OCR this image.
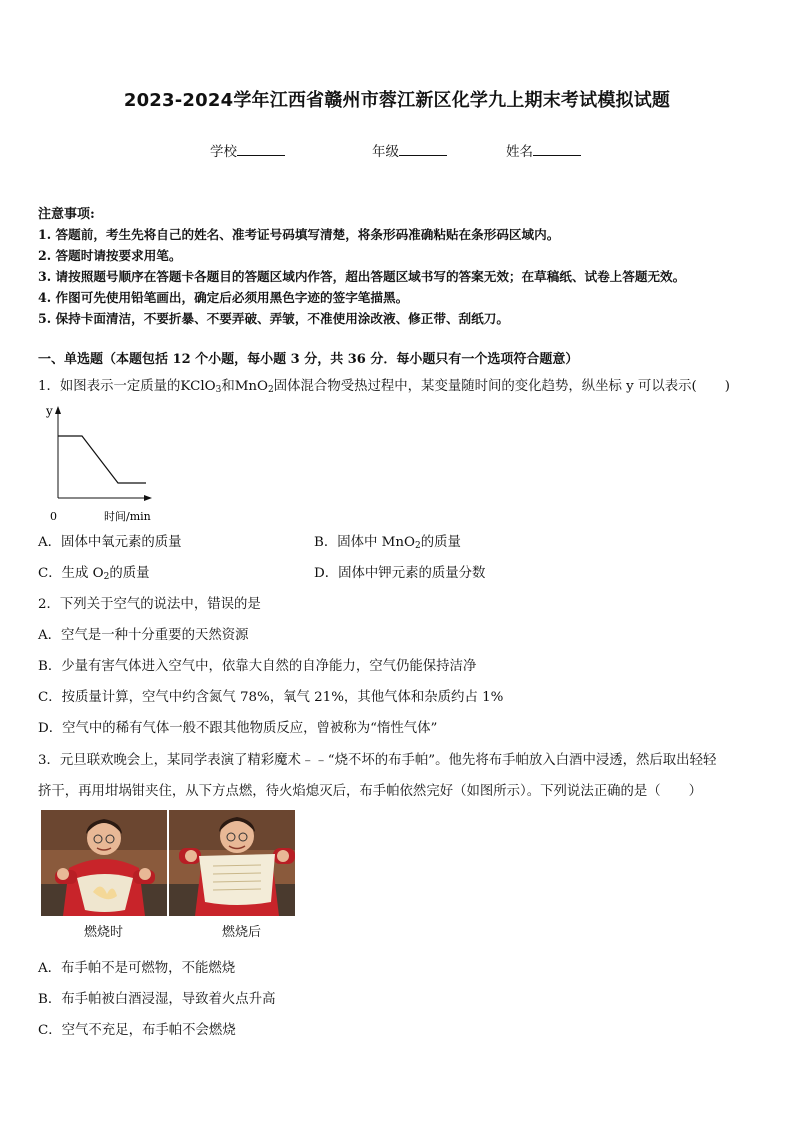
2023-2024学年江西省赣州市蓉江新区化学九上期末考试模拟试题
学校	年级	姓名
注意事项:
1. 答题前，考生先将自己的姓名、准考证号码填写清楚，将条形码准确粘贴在条形码区域内。
2. 答题时请按要求用笔。
3. 请按照题号顺序在答题卡各题目的答题区域内作答，超出答题区域书写的答案无效；在草稿纸、试卷上答题无效。
4. 作图可先使用铅笔画出，确定后必须用黑色字迹的签字笔描黑。
5. 保持卡面清洁，不要折暴、不要弄破、弄皱，不准使用涂改液、修正带、刮纸刀。
一、单选题（本题包括 12 个小题，每小题 3 分，共 36 分．每小题只有一个选项符合题意）
1．如图表示一定质量的KClO$_3$和MnO$_2$固体混合物受热过程中，某变量随时间的变化趋势，纵坐标 y 可以表示( )
y
0	时间/min
A．固体中氧元素的质量	B．固体中 MnO$_2$的质量
C．生成 $O_2$的质量	D．固体中钾元素的质量分数
2．下列关于空气的说法中，错误的是
A．空气是一种十分重要的天然资源
B．少量有害气体进入空气中，依靠大自然的自净能力，空气仍能保持洁净
C．按质量计算，空气中约含氮气 78%，氧气 21%，其他气体和杂质约占 1%
D．空气中的稀有气体一般不跟其他物质反应，曾被称为“惰性气体”
3．元旦联欢晚会上，某同学表演了精彩魔术﹣﹣“烧不坏的布手帕”。他先将布手帕放入白酒中浸透，然后取出轻轻
挤干，再用坩埚钳夹住，从下方点燃，待火焰熄灭后，布手帕依然完好（如图所示）。下列说法正确的是（ ）
燃烧时	燃烧后
A．布手帕不是可燃物，不能燃烧
B．布手帕被白酒浸湿，导致着火点升高
C．空气不充足，布手帕不会燃烧
